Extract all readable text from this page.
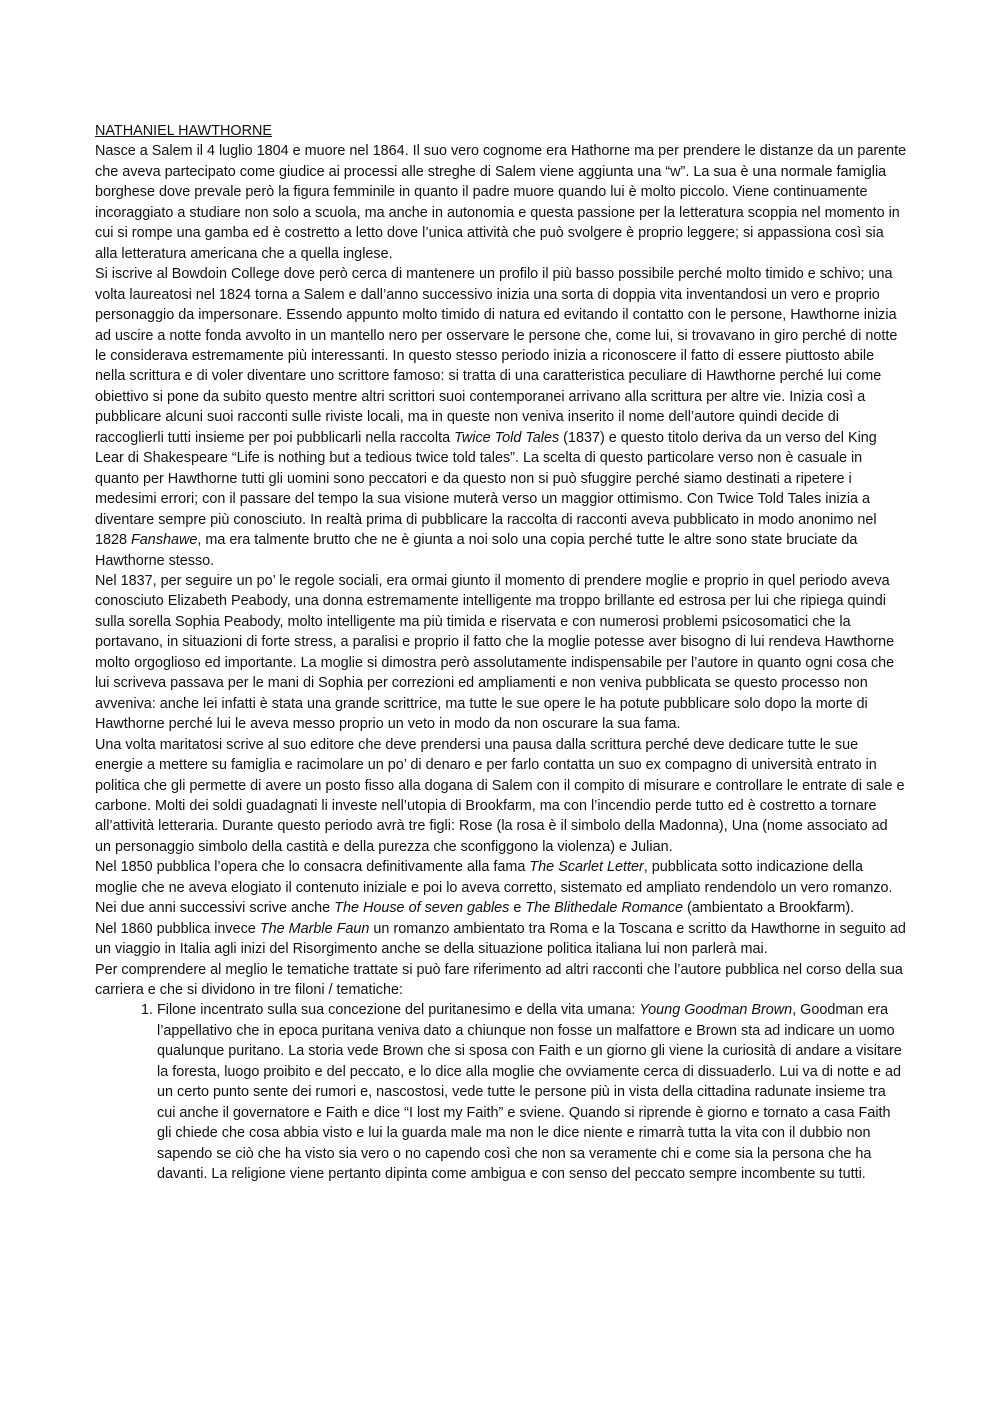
NATHANIEL HAWTHORNE

Nasce a Salem il 4 luglio 1804 e muore nel 1864. Il suo vero cognome era Hathorne ma per prendere le distanze da un parente che aveva partecipato come giudice ai processi alle streghe di Salem viene aggiunta una “w”. La sua è una normale famiglia borghese dove prevale però la figura femminile in quanto il padre muore quando lui è molto piccolo. Viene continuamente incoraggiato a studiare non solo a scuola, ma anche in autonomia e questa passione per la letteratura scoppia nel momento in cui si rompe una gamba ed è costretto a letto dove l’unica attività che può svolgere è proprio leggere; si appassiona così sia alla letteratura americana che a quella inglese.

Si iscrive al Bowdoin College dove però cerca di mantenere un profilo il più basso possibile perché molto timido e schivo; una volta laureatosi nel 1824 torna a Salem e dall’anno successivo inizia una sorta di doppia vita inventandosi un vero e proprio personaggio da impersonare. Essendo appunto molto timido di natura ed evitando il contatto con le persone, Hawthorne inizia ad uscire a notte fonda avvolto in un mantello nero per osservare le persone che, come lui, si trovavano in giro perché di notte le considerava estremamente più interessanti. In questo stesso periodo inizia a riconoscere il fatto di essere piuttosto abile nella scrittura e di voler diventare uno scrittore famoso: si tratta di una caratteristica peculiare di Hawthorne perché lui come obiettivo si pone da subito questo mentre altri scrittori suoi contemporanei arrivano alla scrittura per altre vie. Inizia così a pubblicare alcuni suoi racconti sulle riviste locali, ma in queste non veniva inserito il nome dell’autore quindi decide di raccoglierli tutti insieme per poi pubblicarli nella raccolta Twice Told Tales (1837) e questo titolo deriva da un verso del King Lear di Shakespeare “Life is nothing but a tedious twice told tales”. La scelta di questo particolare verso non è casuale in quanto per Hawthorne tutti gli uomini sono peccatori e da questo non si può sfuggire perché siamo destinati a ripetere i medesimi errori; con il passare del tempo la sua visione muterà verso un maggior ottimismo. Con Twice Told Tales inizia a diventare sempre più conosciuto. In realtà prima di pubblicare la raccolta di racconti aveva pubblicato in modo anonimo nel 1828 Fanshawe, ma era talmente brutto che ne è giunta a noi solo una copia perché tutte le altre sono state bruciate da Hawthorne stesso.

Nel 1837, per seguire un po’ le regole sociali, era ormai giunto il momento di prendere moglie e proprio in quel periodo aveva conosciuto Elizabeth Peabody, una donna estremamente intelligente ma troppo brillante ed estrosa per lui che ripiega quindi sulla sorella Sophia Peabody, molto intelligente ma più timida e riservata e con numerosi problemi psicosomatici che la portavano, in situazioni di forte stress, a paralisi e proprio il fatto che la moglie potesse aver bisogno di lui rendeva Hawthorne molto orgoglioso ed importante. La moglie si dimostra però assolutamente indispensabile per l’autore in quanto ogni cosa che lui scriveva passava per le mani di Sophia per correzioni ed ampliamenti e non veniva pubblicata se questo processo non avveniva: anche lei infatti è stata una grande scrittrice, ma tutte le sue opere le ha potute pubblicare solo dopo la morte di Hawthorne perché lui le aveva messo proprio un veto in modo da non oscurare la sua fama.

Una volta maritatosi scrive al suo editore che deve prendersi una pausa dalla scrittura perché deve dedicare tutte le sue energie a mettere su famiglia e racimolare un po’ di denaro e per farlo contatta un suo ex compagno di università entrato in politica che gli permette di avere un posto fisso alla dogana di Salem con il compito di misurare e controllare le entrate di sale e carbone. Molti dei soldi guadagnati li investe nell’utopia di Brookfarm, ma con l’incendio perde tutto ed è costretto a tornare all’attività letteraria. Durante questo periodo avrà tre figli: Rose (la rosa è il simbolo della Madonna), Una (nome associato ad un personaggio simbolo della castità e della purezza che sconfiggono la violenza) e Julian.

Nel 1850 pubblica l’opera che lo consacra definitivamente alla fama The Scarlet Letter, pubblicata sotto indicazione della moglie che ne aveva elogiato il contenuto iniziale e poi lo aveva corretto, sistemato ed ampliato rendendolo un vero romanzo. Nei due anni successivi scrive anche The House of seven gables e The Blithedale Romance (ambientato a Brookfarm).

Nel 1860 pubblica invece The Marble Faun un romanzo ambientato tra Roma e la Toscana e scritto da Hawthorne in seguito ad un viaggio in Italia agli inizi del Risorgimento anche se della situazione politica italiana lui non parlerà mai.

Per comprendere al meglio le tematiche trattate si può fare riferimento ad altri racconti che l’autore pubblica nel corso della sua carriera e che si dividono in tre filoni / tematiche:

1. Filone incentrato sulla sua concezione del puritanesimo e della vita umana: Young Goodman Brown, Goodman era l’appellativo che in epoca puritana veniva dato a chiunque non fosse un malfattore e Brown sta ad indicare un uomo qualunque puritano. La storia vede Brown che si sposa con Faith e un giorno gli viene la curiosità di andare a visitare la foresta, luogo proibito e del peccato, e lo dice alla moglie che ovviamente cerca di dissuaderlo. Lui va di notte e ad un certo punto sente dei rumori e, nascostosi, vede tutte le persone più in vista della cittadina radunate insieme tra cui anche il governatore e Faith e dice “I lost my Faith” e sviene. Quando si riprende è giorno e tornato a casa Faith gli chiede che cosa abbia visto e lui la guarda male ma non le dice niente e rimarrà tutta la vita con il dubbio non sapendo se ciò che ha visto sia vero o no capendo così che non sa veramente chi e come sia la persona che ha davanti. La religione viene pertanto dipinta come ambigua e con senso del peccato sempre incombente su tutti.
